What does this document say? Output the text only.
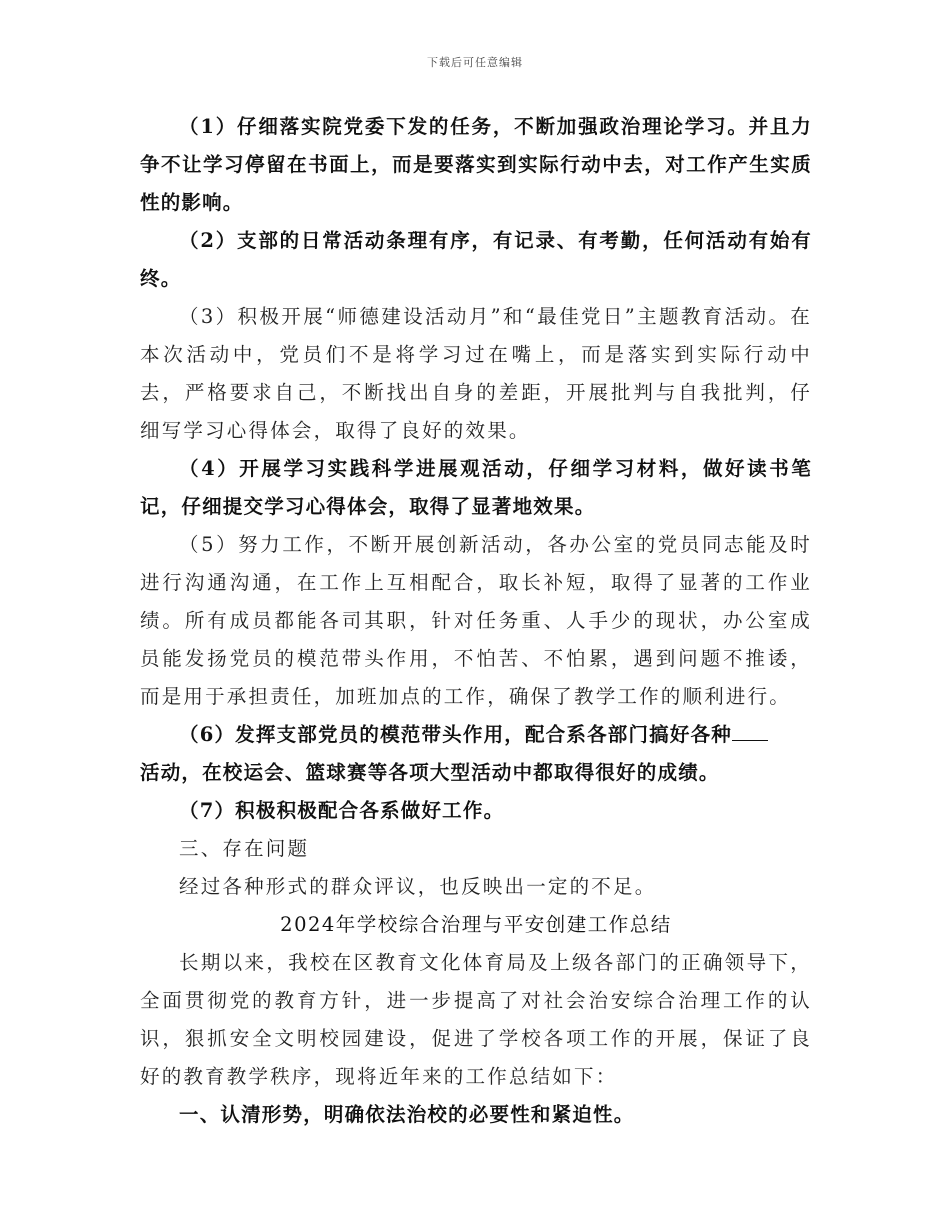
下载后可任意编辑

（1）仔细落实院党委下发的任务，不断加强政治理论学习。并且力争不让学习停留在书面上，而是要落实到实际行动中去，对工作产生实质性的影响。

（2）支部的日常活动条理有序，有记录、有考勤，任何活动有始有终。

（3）积极开展“师德建设活动月”和“最佳党日”主题教育活动。在本次活动中，党员们不是将学习过在嘴上，而是落实到实际行动中去，严格要求自己，不断找出自身的差距，开展批判与自我批判，仔细写学习心得体会，取得了良好的效果。

（4）开展学习实践科学进展观活动，仔细学习材料，做好读书笔记，仔细提交学习心得体会，取得了显著地效果。

（5）努力工作，不断开展创新活动，各办公室的党员同志能及时进行沟通沟通，在工作上互相配合，取长补短，取得了显著的工作业绩。所有成员都能各司其职，针对任务重、人手少的现状，办公室成员能发扬党员的模范带头作用，不怕苦、不怕累，遇到问题不推诿，而是用于承担责任，加班加点的工作，确保了教学工作的顺利进行。

（6）发挥支部党员的模范带头作用，配合系各部门搞好各种

活动，在校运会、篮球赛等各项大型活动中都取得很好的成绩。

（7）积极积极配合各系做好工作。

三、存在问题

经过各种形式的群众评议，也反映出一定的不足。

2024年学校综合治理与平安创建工作总结

长期以来，我校在区教育文化体育局及上级各部门的正确领导下，全面贯彻党的教育方针，进一步提高了对社会治安综合治理工作的认识，狠抓安全文明校园建设，促进了学校各项工作的开展，保证了良好的教育教学秩序，现将近年来的工作总结如下：

一、认清形势，明确依法治校的必要性和紧迫性。
